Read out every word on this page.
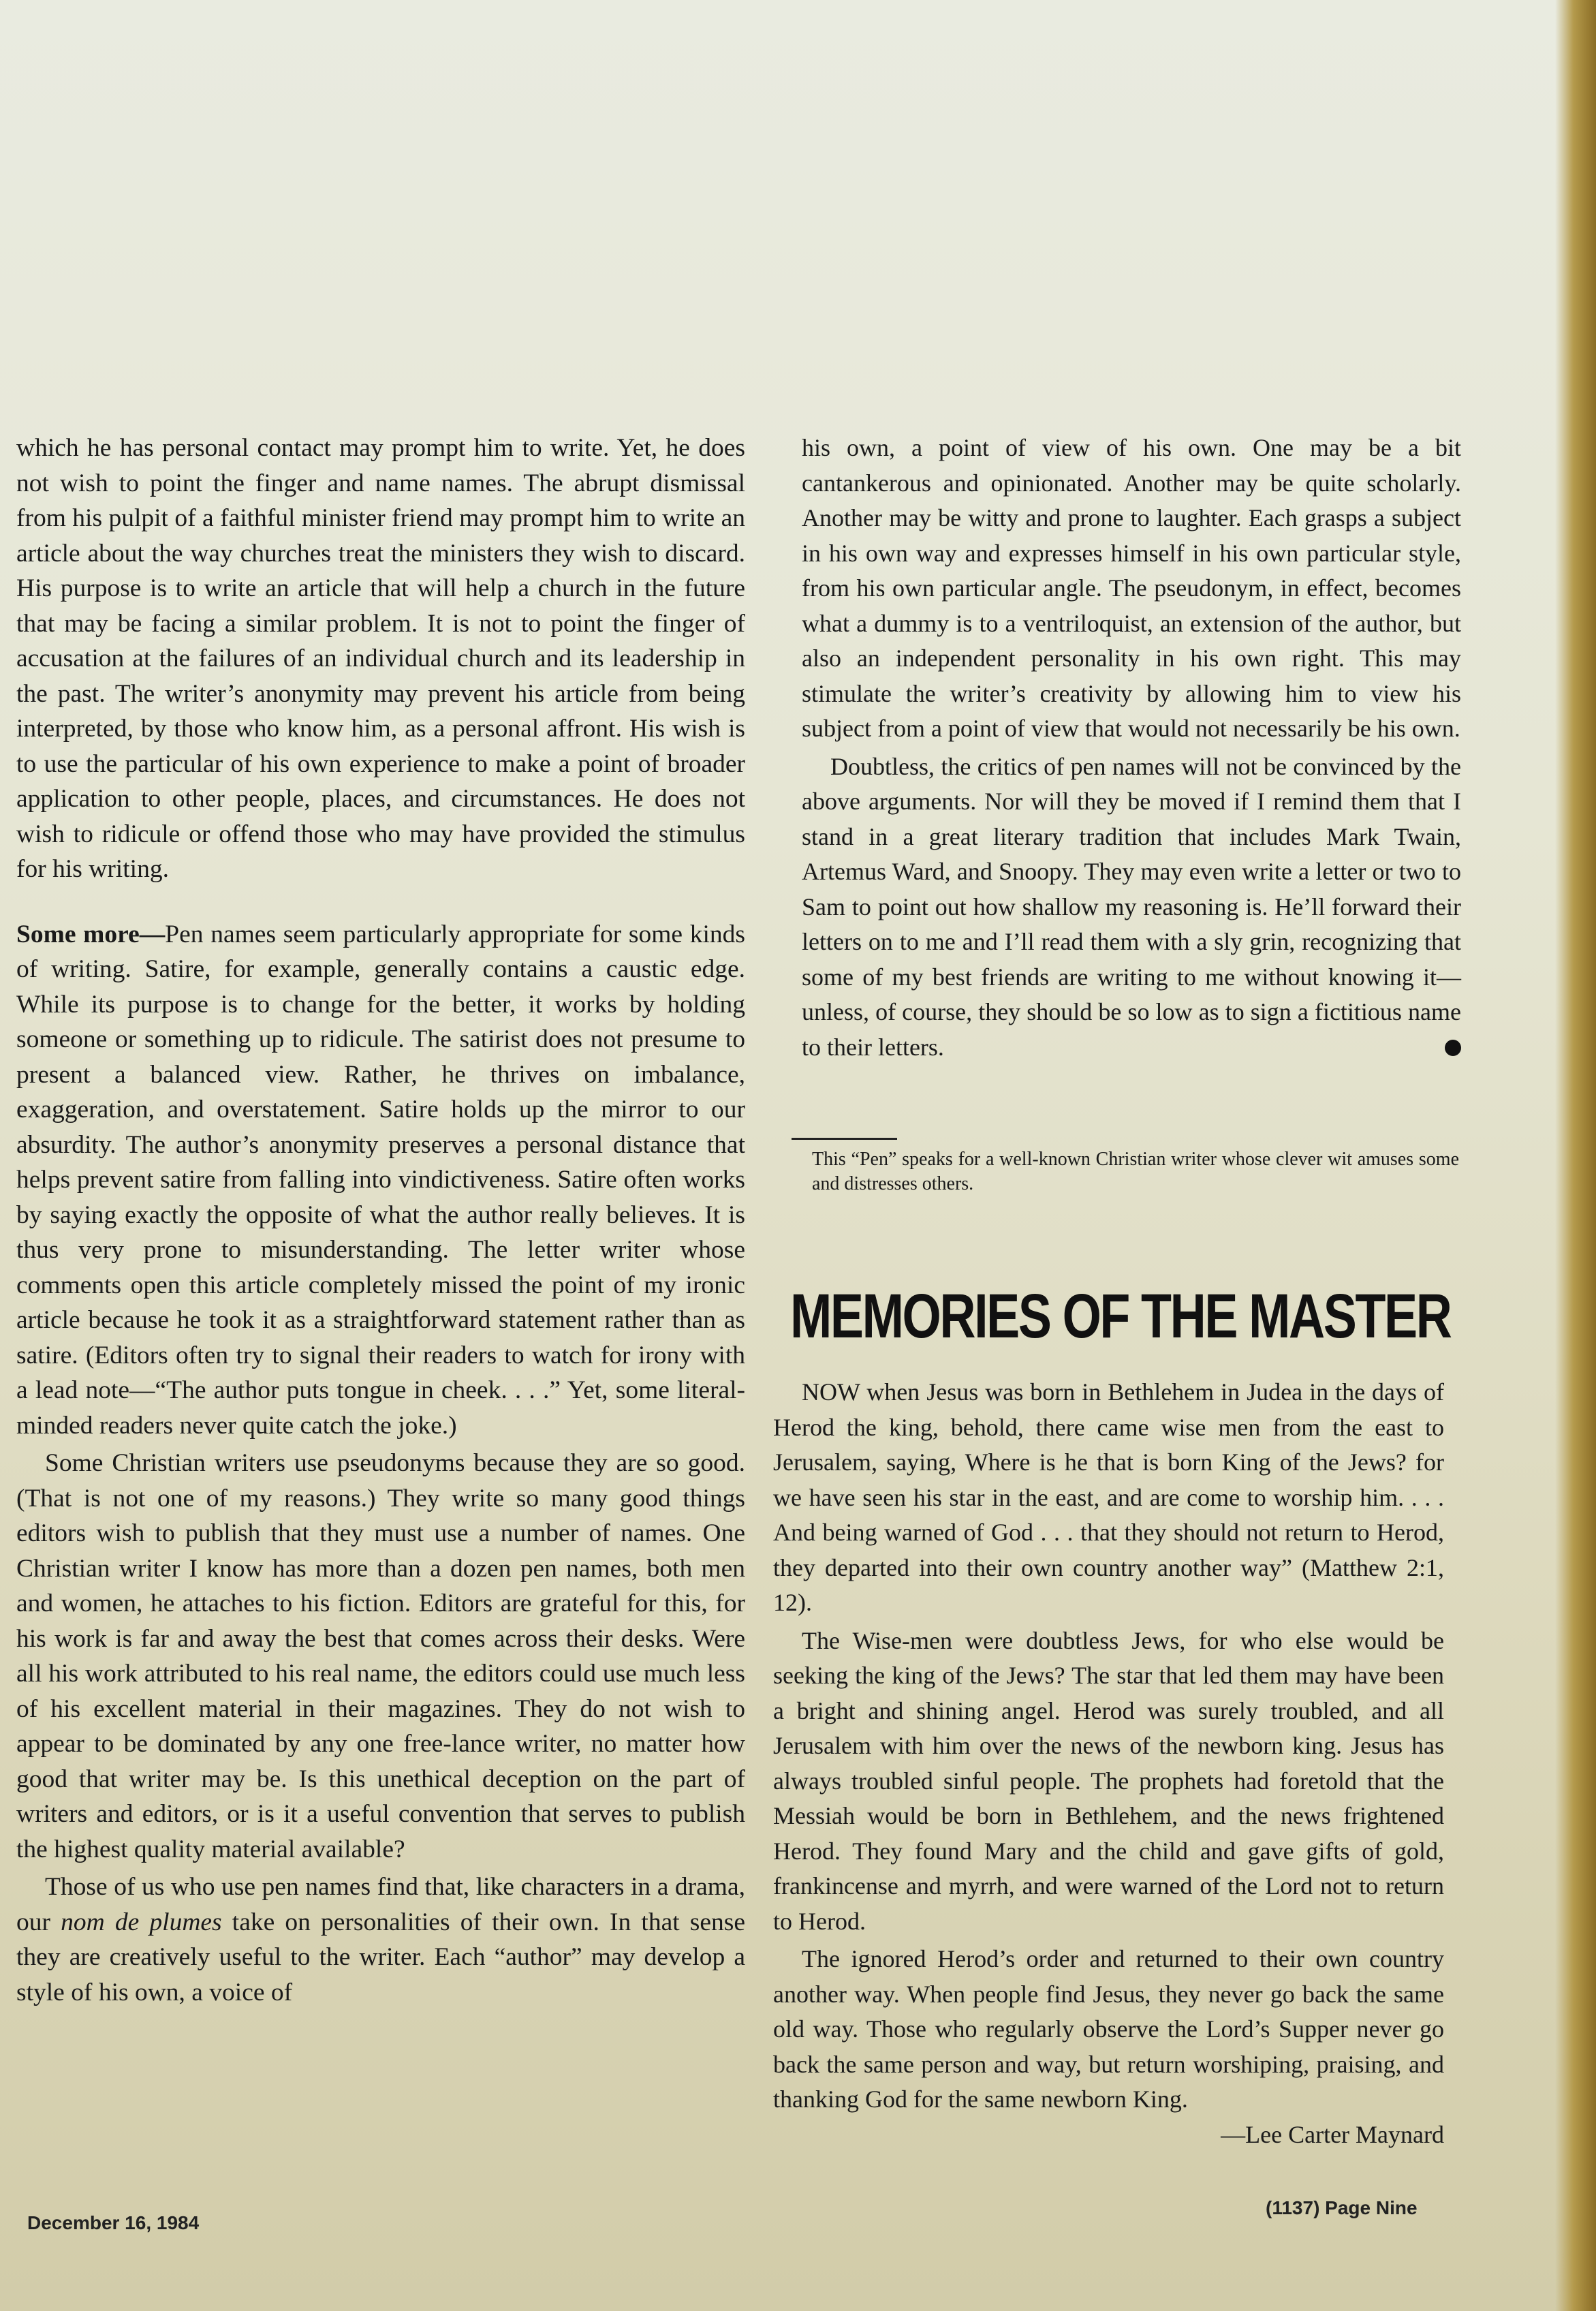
which he has personal contact may prompt him to write. Yet, he does not wish to point the finger and name names. The abrupt dismissal from his pulpit of a faithful minister friend may prompt him to write an article about the way churches treat the ministers they wish to discard. His purpose is to write an article that will help a church in the future that may be facing a similar problem. It is not to point the finger of accusation at the failures of an individual church and its leadership in the past. The writer’s anonymity may prevent his article from being interpreted, by those who know him, as a personal affront. His wish is to use the particular of his own experience to make a point of broader application to other people, places, and circumstances. He does not wish to ridicule or offend those who may have provided the stimulus for his writing.

Some more—Pen names seem particularly appropriate for some kinds of writing. Satire, for example, generally contains a caustic edge. While its purpose is to change for the better, it works by holding someone or something up to ridicule. The satirist does not presume to present a balanced view. Rather, he thrives on imbalance, exaggeration, and overstatement. Satire holds up the mirror to our absurdity. The author’s anonymity preserves a personal distance that helps prevent satire from falling into vindictiveness. Satire often works by saying exactly the opposite of what the author really believes. It is thus very prone to misunderstanding. The letter writer whose comments open this article completely missed the point of my ironic article because he took it as a straightforward statement rather than as satire. (Editors often try to signal their readers to watch for irony with a lead note—“The author puts tongue in cheek. . . .” Yet, some literal-minded readers never quite catch the joke.)

Some Christian writers use pseudonyms because they are so good. (That is not one of my reasons.) They write so many good things editors wish to publish that they must use a number of names. One Christian writer I know has more than a dozen pen names, both men and women, he attaches to his fiction. Editors are grateful for this, for his work is far and away the best that comes across their desks. Were all his work attributed to his real name, the editors could use much less of his excellent material in their magazines. They do not wish to appear to be dominated by any one free-lance writer, no matter how good that writer may be. Is this unethical deception on the part of writers and editors, or is it a useful convention that serves to publish the highest quality material available?

Those of us who use pen names find that, like characters in a drama, our nom de plumes take on personalities of their own. In that sense they are creatively useful to the writer. Each “author” may develop a style of his own, a voice of

his own, a point of view of his own. One may be a bit cantankerous and opinionated. Another may be quite scholarly. Another may be witty and prone to laughter. Each grasps a subject in his own way and expresses himself in his own particular style, from his own particular angle. The pseudonym, in effect, becomes what a dummy is to a ventriloquist, an extension of the author, but also an independent personality in his own right. This may stimulate the writer’s creativity by allowing him to view his subject from a point of view that would not necessarily be his own.

Doubtless, the critics of pen names will not be convinced by the above arguments. Nor will they be moved if I remind them that I stand in a great literary tradition that includes Mark Twain, Artemus Ward, and Snoopy. They may even write a letter or two to Sam to point out how shallow my reasoning is. He’ll forward their letters on to me and I’ll read them with a sly grin, recognizing that some of my best friends are writing to me without knowing it—unless, of course, they should be so low as to sign a fictitious name to their letters.

This “Pen” speaks for a well-known Christian writer whose clever wit amuses some and distresses others.
MEMORIES OF THE MASTER

NOW when Jesus was born in Bethlehem in Judea in the days of Herod the king, behold, there came wise men from the east to Jerusalem, saying, Where is he that is born King of the Jews? for we have seen his star in the east, and are come to worship him. . . . And being warned of God . . . that they should not return to Herod, they departed into their own country another way” (Matthew 2:1, 12).

The Wise-men were doubtless Jews, for who else would be seeking the king of the Jews? The star that led them may have been a bright and shining angel. Herod was surely troubled, and all Jerusalem with him over the news of the newborn king. Jesus has always troubled sinful people. The prophets had foretold that the Messiah would be born in Bethlehem, and the news frightened Herod. They found Mary and the child and gave gifts of gold, frankincense and myrrh, and were warned of the Lord not to return to Herod.

The ignored Herod’s order and returned to their own country another way. When people find Jesus, they never go back the same old way. Those who regularly observe the Lord’s Supper never go back the same person and way, but return worshiping, praising, and thanking God for the same newborn King.

—Lee Carter Maynard
December 16, 1984
(1137) Page Nine
